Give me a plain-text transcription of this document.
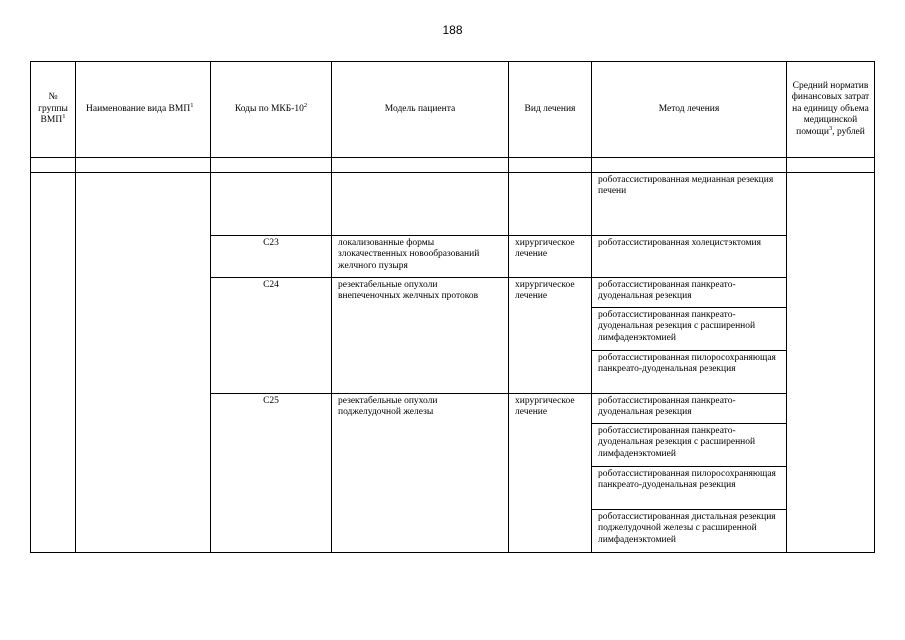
188
№ группы ВМП$^1$	Наименование вида ВМП$^1$	Коды по МКБ-$10^2$	Модель пациента	Вид лечения	Метод лечения	Средний норматив финансовых затрат на единицу объема медицинской помощи$^3$, рублей

					роботассистированная медианная резекция печени	
		C23	локализованные формы злокачественных новообразований желчного пузыря	хирургическое лечение	роботассистированная холецистэктомия	
		C24	резектабельные опухоли внепеченочных желчных протоков	хирургическое лечение	роботассистированная панкреато-дуоденальная резекция	
					роботассистированная панкреато-дуоденальная резекция с расширенной лимфаденэктомией	
					роботассистированная пилоросохраняющая панкреато-дуоденальная резекция	
		C25	резектабельные опухоли поджелудочной железы	хирургическое лечение	роботассистированная панкреато-дуоденальная резекция	
					роботассистированная панкреато-дуоденальная резекция с расширенной лимфаденэктомией	
					роботассистированная пилоросохраняющая панкреато-дуоденальная резекция	
					роботассистированная дистальная резекция поджелудочной железы с расширенной лимфаденэктомией	
